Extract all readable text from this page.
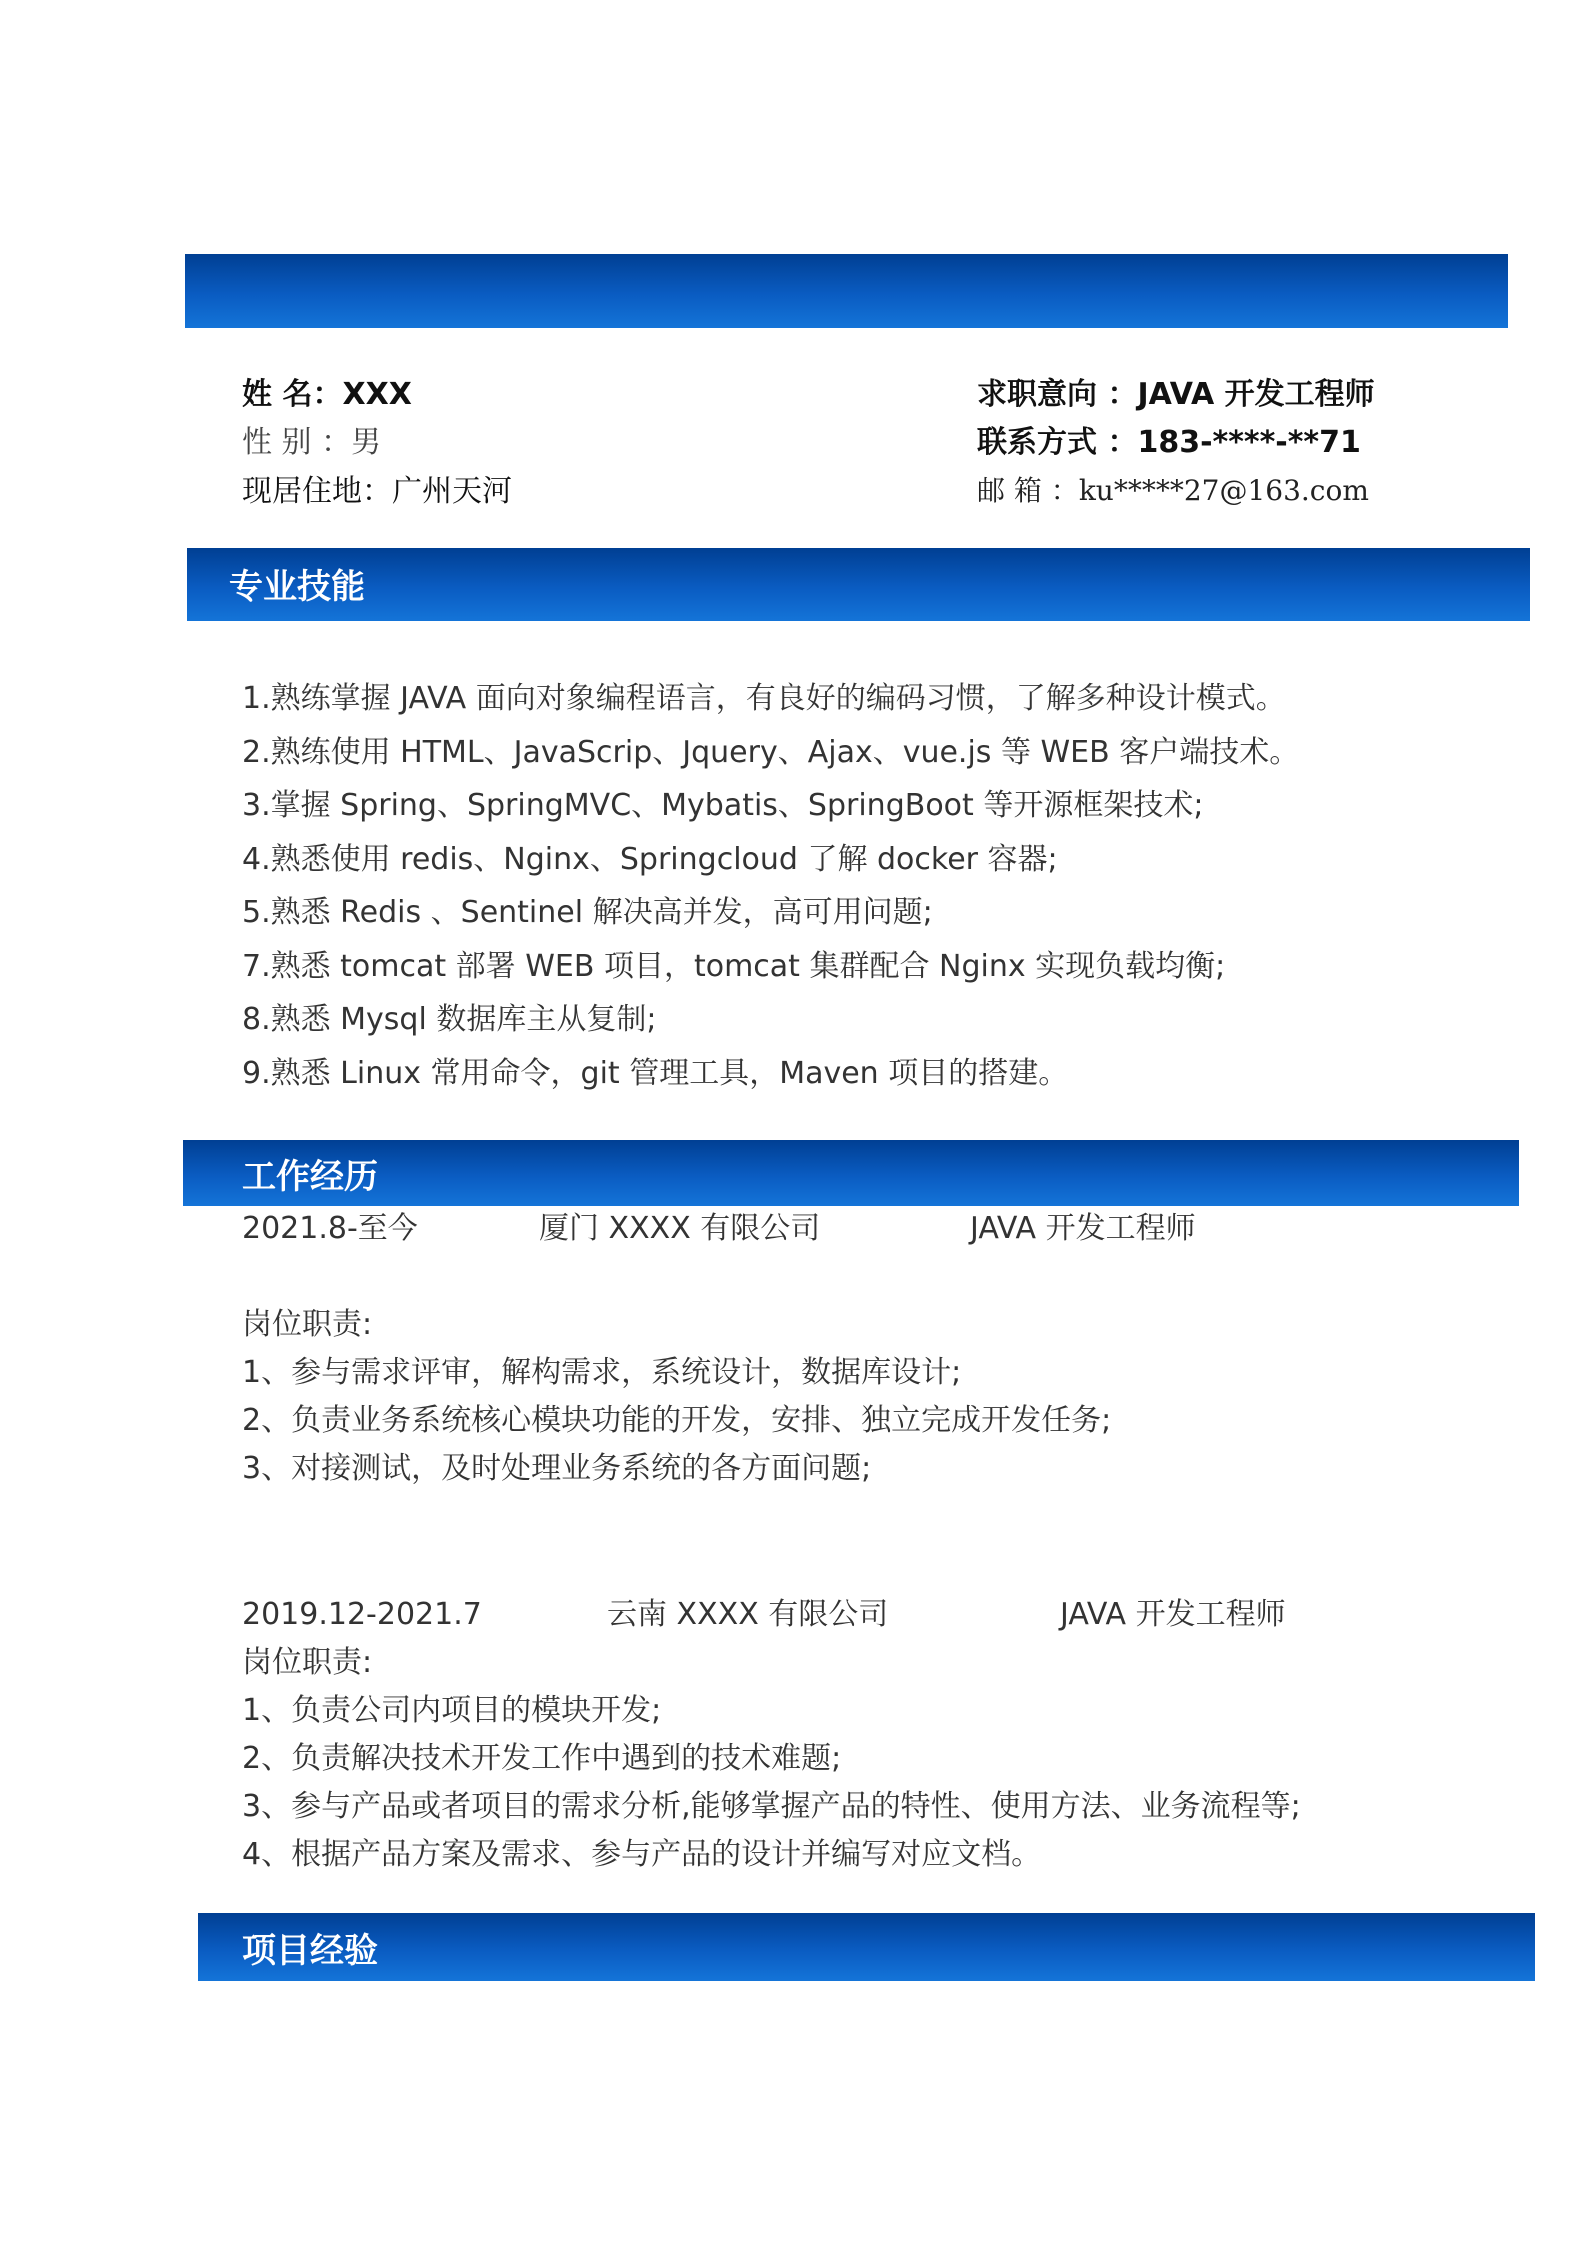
姓 名：XXX
性 别 ：男
现居住地：广州天河
求职意向 ：JAVA 开发工程师
联系方式 ：183-****-**71
邮 箱 ：ku*****27@163.com
专业技能
1.熟练掌握 JAVA 面向对象编程语言，有良好的编码习惯，了解多种设计模式。
2.熟练使用 HTML、JavaScrip、Jquery、Ajax、vue.js 等 WEB 客户端技术。
3.掌握 Spring、SpringMVC、Mybatis、SpringBoot 等开源框架技术;
4.熟悉使用 redis、Nginx、Springcloud 了解 docker 容器;
5.熟悉 Redis 、Sentinel 解决高并发，高可用问题;
7.熟悉 tomcat 部署 WEB 项目，tomcat 集群配合 Nginx 实现负载均衡;
8.熟悉 Mysql 数据库主从复制;
9.熟悉 Linux 常用命令，git 管理工具，Maven 项目的搭建。
工作经历
2021.8-至今	厦门 XXXX 有限公司	JAVA 开发工程师
岗位职责:
1、参与需求评审，解构需求，系统设计，数据库设计;
2、负责业务系统核心模块功能的开发，安排、独立完成开发任务;
3、对接测试，及时处理业务系统的各方面问题;
2019.12-2021.7	云南 XXXX 有限公司	JAVA 开发工程师
岗位职责:
1、负责公司内项目的模块开发;
2、负责解决技术开发工作中遇到的技术难题;
3、参与产品或者项目的需求分析,能够掌握产品的特性、使用方法、业务流程等;
4、根据产品方案及需求、参与产品的设计并编写对应文档。
项目经验
